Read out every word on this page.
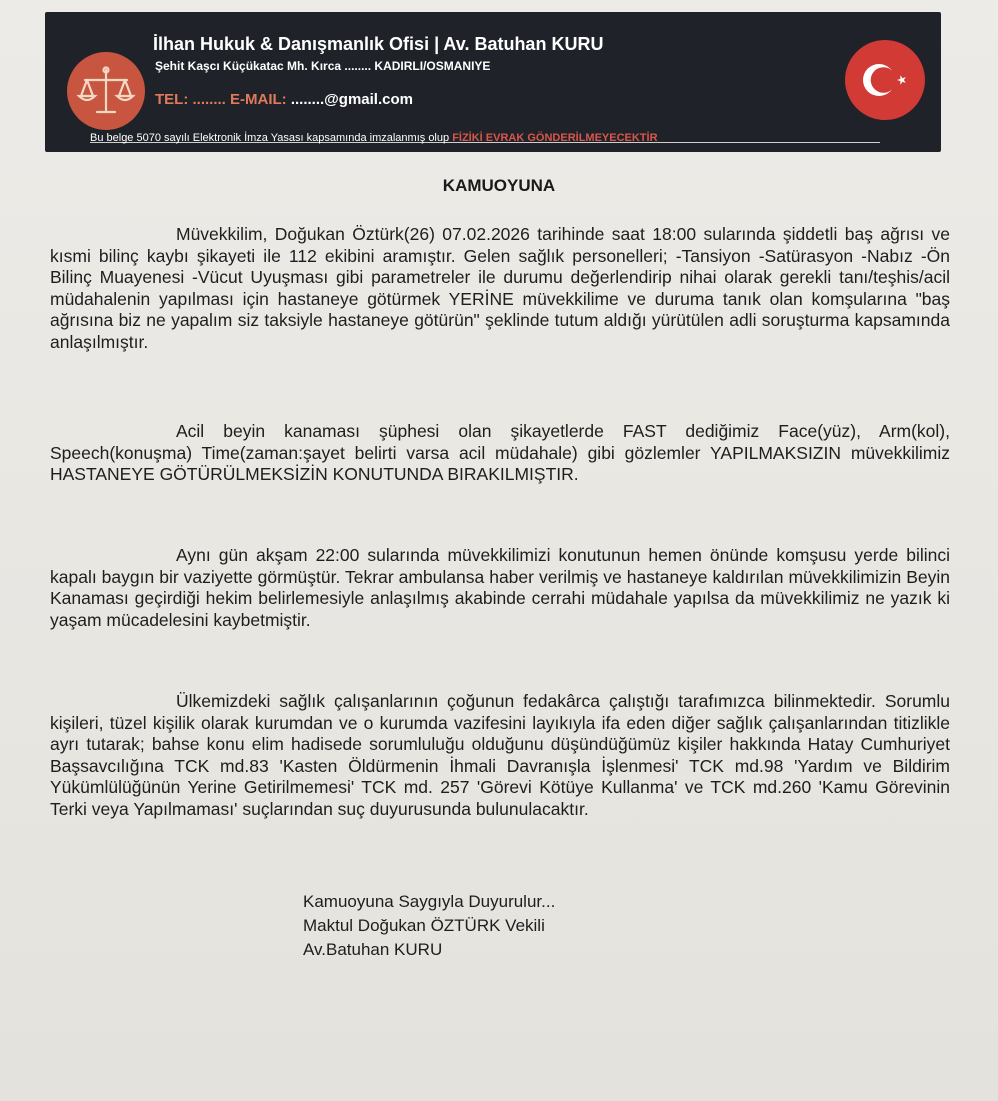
İlhan Hukuk & Danışmanlık Ofisi | Av. Batuhan KURU
Şehit Kaşcı Küçükatac Mh. Kırca ........ KADIRLI/OSMANIYE
TEL: ........ E-MAIL: ........@gmail.com
Bu belge 5070 sayılı Elektronik İmza Yasası kapsamında imzalanmış olup FİZİKİ EVRAK GÖNDERİLMEYECEKTİR
KAMUOYUNA
Müvekkilim, Doğukan Öztürk(26) 07.02.2026 tarihinde saat 18:00 sularında şiddetli baş ağrısı ve kısmi bilinç kaybı şikayeti ile 112 ekibini aramıştır. Gelen sağlık personelleri; -Tansiyon -Satürasyon -Nabız -Ön Bilinç Muayenesi -Vücut Uyuşması gibi parametreler ile durumu değerlendirip nihai olarak gerekli tanı/teşhis/acil müdahalenin yapılması için hastaneye götürmek YERİNE müvekkilime ve duruma tanık olan komşularına "baş ağrısına biz ne yapalım siz taksiyle hastaneye götürün" şeklinde tutum aldığı yürütülen adli soruşturma kapsamında anlaşılmıştır.
Acil beyin kanaması şüphesi olan şikayetlerde FAST dediğimiz Face(yüz), Arm(kol), Speech(konuşma) Time(zaman:şayet belirti varsa acil müdahale) gibi gözlemler YAPILMAKSIZIN müvekkilimiz HASTANEYE GÖTÜRÜLMEKSİZİN KONUTUNDA BIRAKILMIŞTIR.
Aynı gün akşam 22:00 sularında müvekkilimizi konutunun hemen önünde komşusu yerde bilinci kapalı baygın bir vaziyette görmüştür. Tekrar ambulansa haber verilmiş ve hastaneye kaldırılan müvekkilimizin Beyin Kanaması geçirdiği hekim belirlemesiyle anlaşılmış akabinde cerrahi müdahale yapılsa da müvekkilimiz ne yazık ki yaşam mücadelesini kaybetmiştir.
Ülkemizdeki sağlık çalışanlarının çoğunun fedakârca çalıştığı tarafımızca bilinmektedir. Sorumlu kişileri, tüzel kişilik olarak kurumdan ve o kurumda vazifesini layıkıyla ifa eden diğer sağlık çalışanlarından titizlikle ayrı tutarak; bahse konu elim hadisede sorumluluğu olduğunu düşündüğümüz kişiler hakkında Hatay Cumhuriyet Başsavcılığına TCK md.83 'Kasten Öldürmenin İhmali Davranışla İşlenmesi' TCK md.98 'Yardım ve Bildirim Yükümlülüğünün Yerine Getirilmemesi' TCK md. 257 'Görevi Kötüye Kullanma' ve TCK md.260 'Kamu Görevinin Terki veya Yapılmaması' suçlarından suç duyurusunda bulunulacaktır.
Kamuoyuna Saygıyla Duyurulur...
Maktul Doğukan ÖZTÜRK Vekili
Av.Batuhan KURU
